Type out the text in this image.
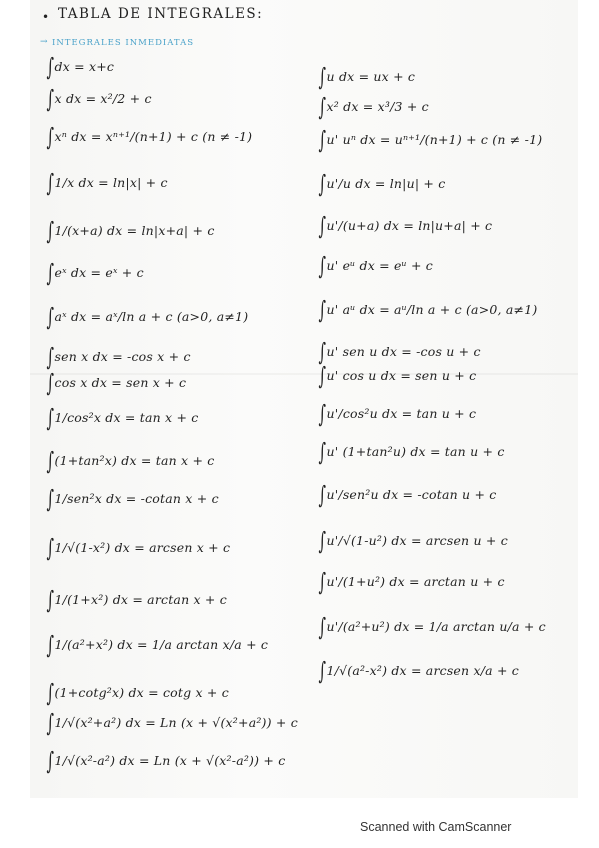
• TABLA DE INTEGRALES:
→ INTEGRALES INMEDIATAS
∫ dx = x+c
∫ x dx = x²/2 + c
∫ xⁿ dx = xⁿ⁺¹/(n+1) + c (n ≠ -1)
∫ 1/x dx = ln|x| + c
∫ 1/(x+a) dx = ln|x+a| + c
∫ eˣ dx = eˣ + c
∫ aˣ dx = aˣ/ln a + c (a>0, a≠1)
∫ sen x dx = -cos x + c
∫ cos x dx = sen x + c
∫ 1/cos²x dx = tan x + c
∫ (1+tan²x) dx = tan x + c
∫ 1/sen²x dx = -cotan x + c
∫ 1/√(1-x²) dx = arcsen x + c
∫ 1/(1+x²) dx = arctan x + c
∫ 1/(a²+x²) dx = 1/a arctan x/a + c
∫ (1+cotg²x) dx = cotg x + c
∫ 1/√(x²+a²) dx = Ln (x + √(x²+a²)) + c
∫ 1/√(x²-a²) dx = Ln (x + √(x²-a²)) + c
∫ u dx = ux + c
∫ x² dx = x³/3 + c
∫ u' uⁿ dx = uⁿ⁺¹/(n+1) + c (n ≠ -1)
∫ u'/u dx = ln|u| + c
∫ u'/(u+a) dx = ln|u+a| + c
∫ u' eᵘ dx = eᵘ + c
∫ u' aᵘ dx = aᵘ/ln a + c (a>0, a≠1)
∫ u' sen u dx = -cos u + c
∫ u' cos u dx = sen u + c
∫ u'/cos²u dx = tan u + c
∫ u' (1+tan²u) dx = tan u + c
∫ u'/sen²u dx = -cotan u + c
∫ u'/√(1-u²) dx = arcsen u + c
∫ u'/(1+u²) dx = arctan u + c
∫ u'/(a²+u²) dx = 1/a arctan u/a + c
∫ 1/√(a²-x²) dx = arcsen x/a + c
Scanned with CamScanner
